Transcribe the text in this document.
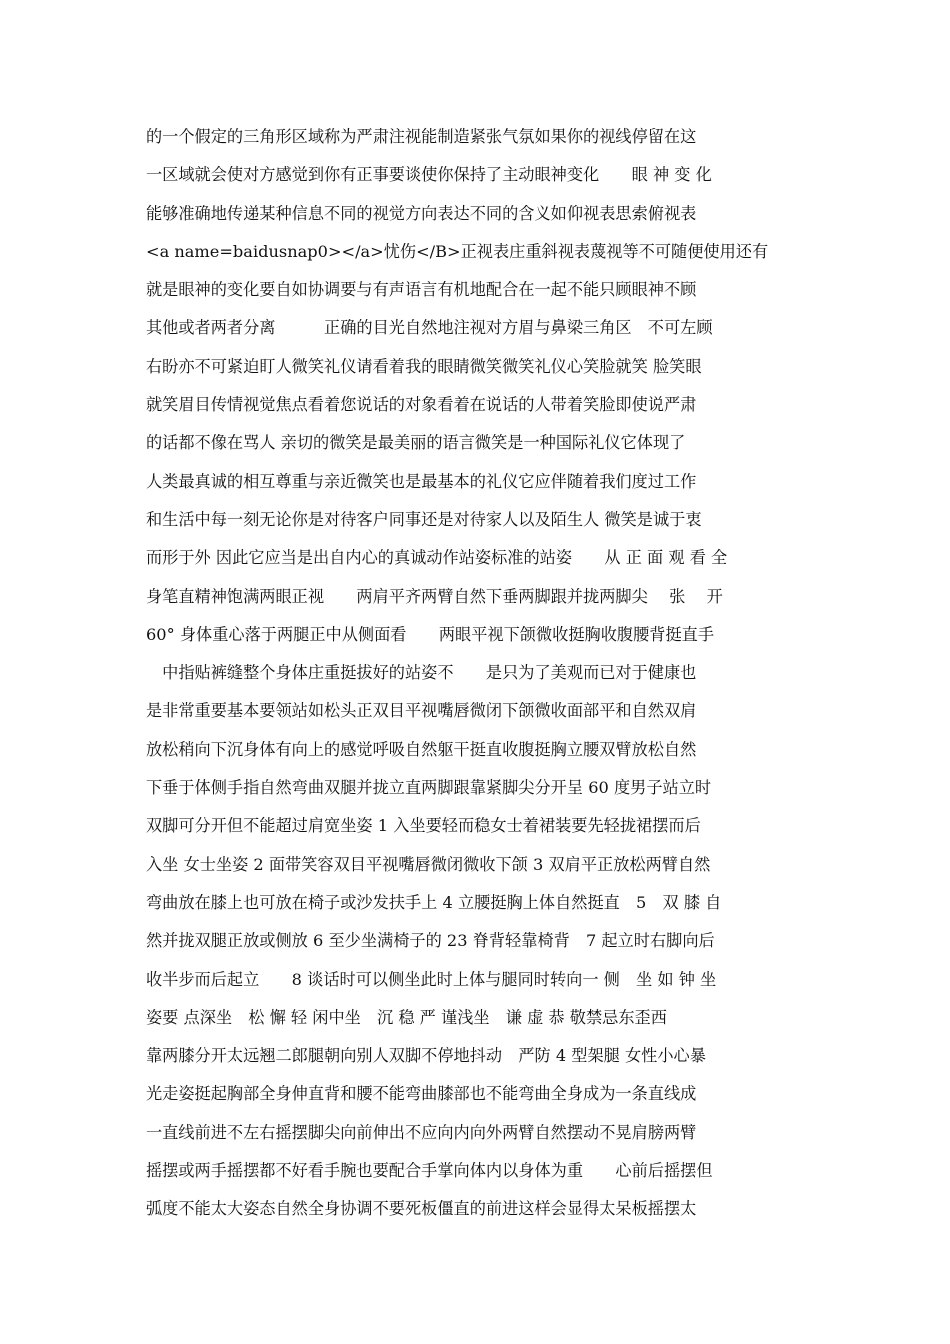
的一个假定的三角形区域称为严肃注视能制造紧张气氛如果你的视线停留在这
一区域就会使对方感觉到你有正事要谈使你保持了主动眼神变化　　眼 神 变 化
能够准确地传递某种信息不同的视觉方向表达不同的含义如仰视表思索俯视表
<a name=baidusnap0></a>忧伤</B>正视表庄重斜视表蔑视等不可随便使用还有
就是眼神的变化要自如协调要与有声语言有机地配合在一起不能只顾眼神不顾
其他或者两者分离　　　正确的目光自然地注视对方眉与鼻梁三角区　不可左顾
右盼亦不可紧迫盯人微笑礼仪请看着我的眼睛微笑微笑礼仪心笑脸就笑 脸笑眼
就笑眉目传情视觉焦点看着您说话的对象看着在说话的人带着笑脸即使说严肃
的话都不像在骂人 亲切的微笑是最美丽的语言微笑是一种国际礼仪它体现了
人类最真诚的相互尊重与亲近微笑也是最基本的礼仪它应伴随着我们度过工作
和生活中每一刻无论你是对待客户同事还是对待家人以及陌生人 微笑是诚于衷
而形于外 因此它应当是出自内心的真诚动作站姿标准的站姿　　从 正 面 观 看 全
身笔直精神饱满两眼正视　　两肩平齐两臂自然下垂两脚跟并拢两脚尖　 张　 开
60° 身体重心落于两腿正中从侧面看　　两眼平视下颌微收挺胸收腹腰背挺直手
　中指贴裤缝整个身体庄重挺拔好的站姿不　　是只为了美观而已对于健康也
是非常重要基本要领站如松头正双目平视嘴唇微闭下颌微收面部平和自然双肩
放松稍向下沉身体有向上的感觉呼吸自然躯干挺直收腹挺胸立腰双臂放松自然
下垂于体侧手指自然弯曲双腿并拢立直两脚跟靠紧脚尖分开呈 60 度男子站立时
双脚可分开但不能超过肩宽坐姿 1 入坐要轻而稳女士着裙装要先轻拢裙摆而后
入坐 女士坐姿 2 面带笑容双目平视嘴唇微闭微收下颌 3 双肩平正放松两臂自然
弯曲放在膝上也可放在椅子或沙发扶手上 4 立腰挺胸上体自然挺直　5　双 膝 自
然并拢双腿正放或侧放 6 至少坐满椅子的 23 脊背轻靠椅背　7 起立时右脚向后
收半步而后起立　　8 谈话时可以侧坐此时上体与腿同时转向一 侧　坐 如 钟 坐
姿要 点深坐　松 懈 轻 闲中坐　沉 稳 严 谨浅坐　谦 虚 恭 敬禁忌东歪西
靠两膝分开太远翘二郎腿朝向别人双脚不停地抖动　严防 4 型架腿 女性小心暴
光走姿挺起胸部全身伸直背和腰不能弯曲膝部也不能弯曲全身成为一条直线成
一直线前进不左右摇摆脚尖向前伸出不应向内向外两臂自然摆动不晃肩膀两臂
摇摆或两手摇摆都不好看手腕也要配合手掌向体内以身体为重　　心前后摇摆但
弧度不能太大姿态自然全身协调不要死板僵直的前进这样会显得太呆板摇摆太
